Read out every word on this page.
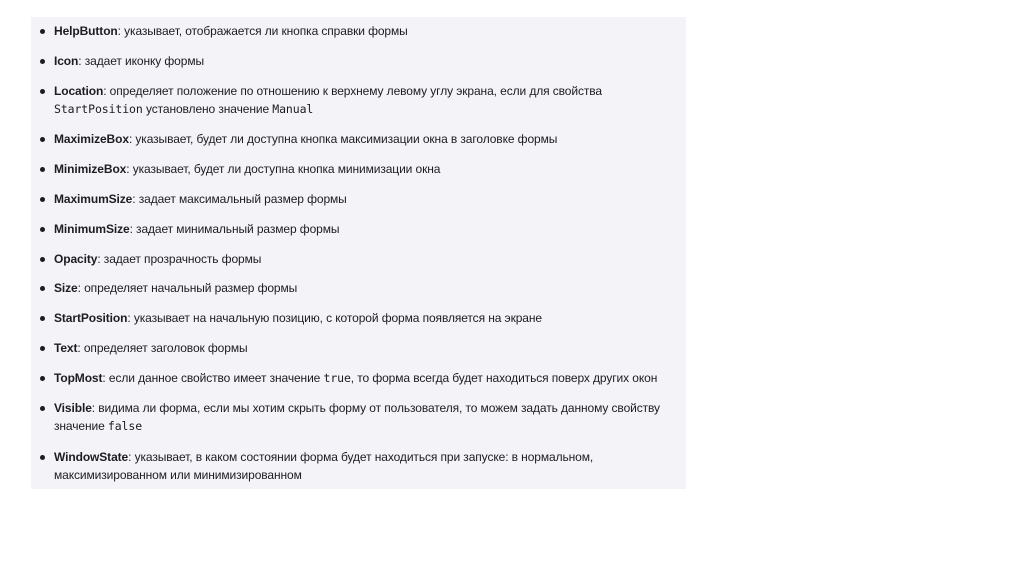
HelpButton: указывает, отображается ли кнопка справки формы
Icon: задает иконку формы
Location: определяет положение по отношению к верхнему левому углу экрана, если для свойства
StartPosition установлено значение Manual
MaximizeBox: указывает, будет ли доступна кнопка максимизации окна в заголовке формы
MinimizeBox: указывает, будет ли доступна кнопка минимизации окна
MaximumSize: задает максимальный размер формы
MinimumSize: задает минимальный размер формы
Opacity: задает прозрачность формы
Size: определяет начальный размер формы
StartPosition: указывает на начальную позицию, с которой форма появляется на экране
Text: определяет заголовок формы
TopMost: если данное свойство имеет значение true, то форма всегда будет находиться поверх других окон
Visible: видима ли форма, если мы хотим скрыть форму от пользователя, то можем задать данному свойству значение false
WindowState: указывает, в каком состоянии форма будет находиться при запуске: в нормальном, максимизированном или минимизированном
